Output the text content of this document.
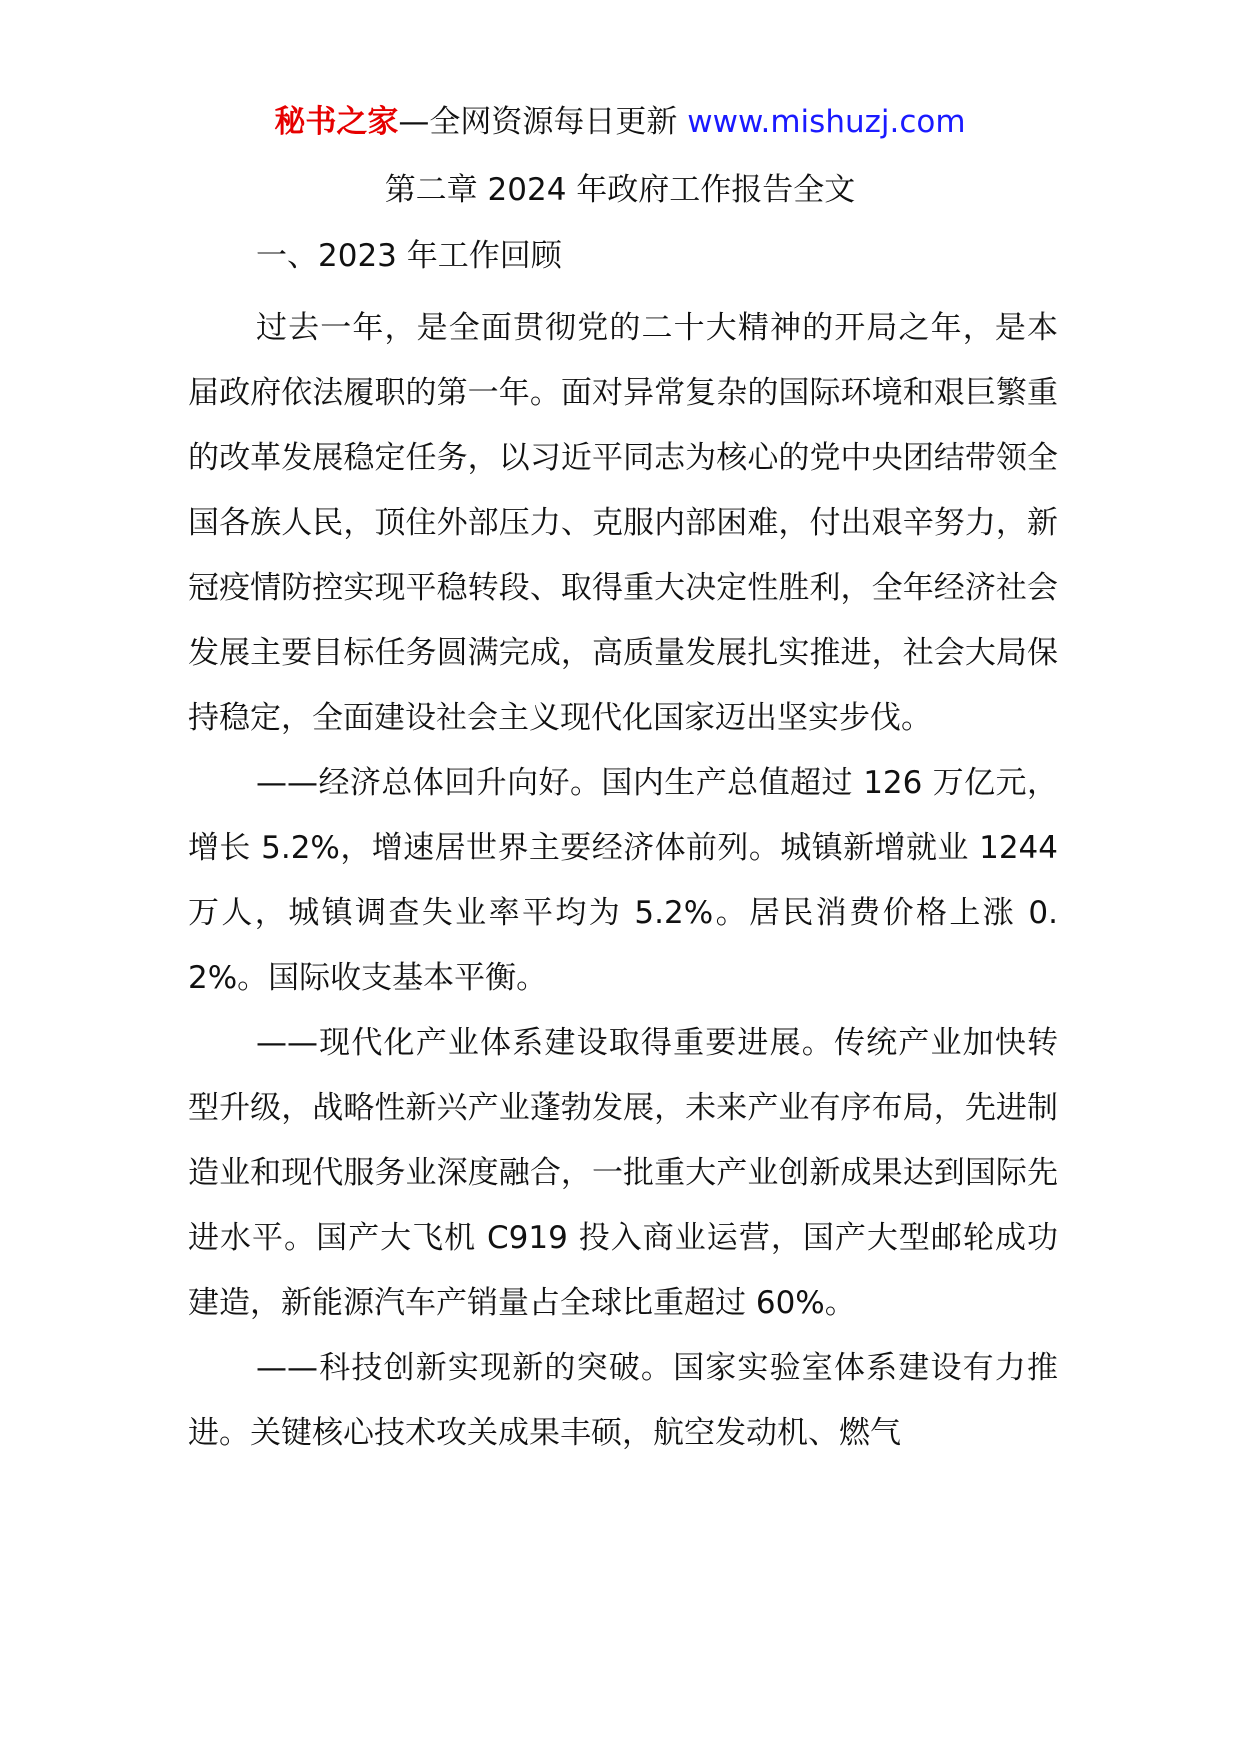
秘书之家—全网资源每日更新 www.mishuzj.com
第二章 2024 年政府工作报告全文
一、2023 年工作回顾

过去一年，是全面贯彻党的二十大精神的开局之年，是本届政府依法履职的第一年。面对异常复杂的国际环境和艰巨繁重的改革发展稳定任务，以习近平同志为核心的党中央团结带领全国各族人民，顶住外部压力、克服内部困难，付出艰辛努力，新冠疫情防控实现平稳转段、取得重大决定性胜利，全年经济社会发展主要目标任务圆满完成，高质量发展扎实推进，社会大局保持稳定，全面建设社会主义现代化国家迈出坚实步伐。

——经济总体回升向好。国内生产总值超过 126 万亿元，增长 5.2%，增速居世界主要经济体前列。城镇新增就业 1244 万人，城镇调查失业率平均为 5.2%。居民消费价格上涨 0.2%。国际收支基本平衡。

——现代化产业体系建设取得重要进展。传统产业加快转型升级，战略性新兴产业蓬勃发展，未来产业有序布局，先进制造业和现代服务业深度融合，一批重大产业创新成果达到国际先进水平。国产大飞机 C919 投入商业运营，国产大型邮轮成功建造，新能源汽车产销量占全球比重超过 60%。

——科技创新实现新的突破。国家实验室体系建设有力推进。关键核心技术攻关成果丰硕，航空发动机、燃气
